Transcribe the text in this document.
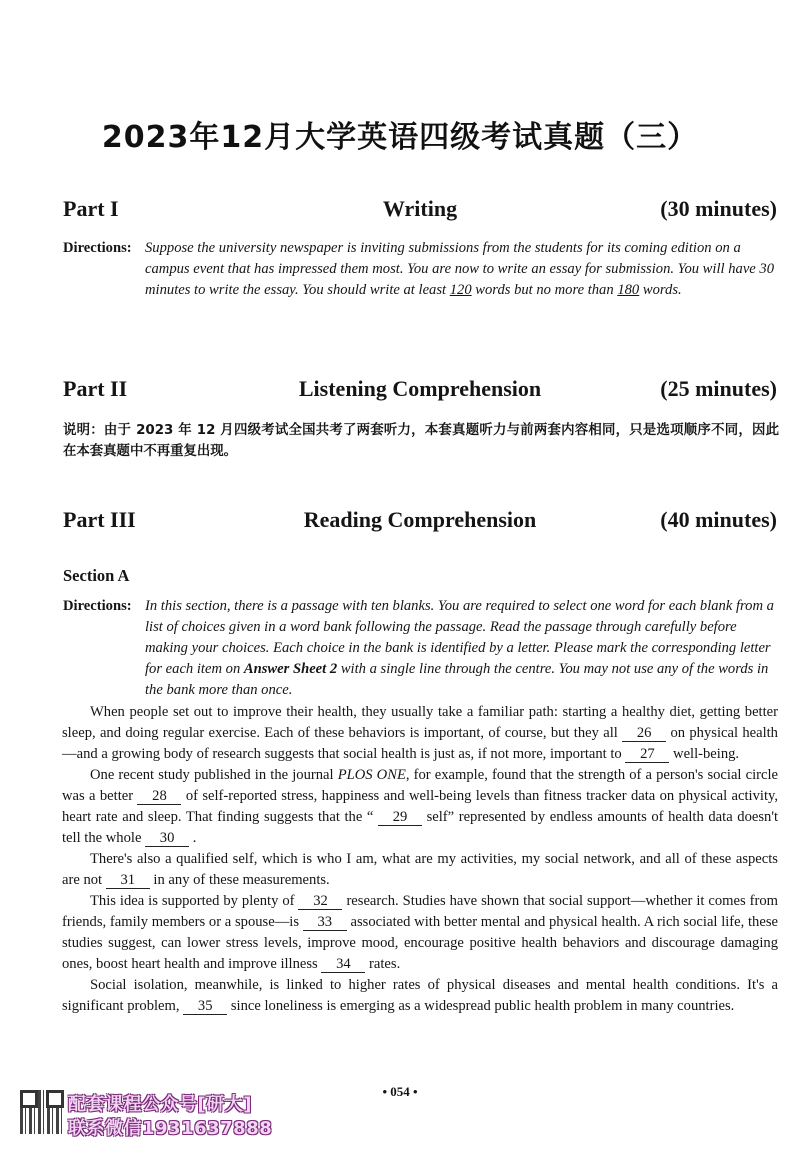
2023年12月大学英语四级考试真题（三）
Part I	Writing	(30 minutes)
Directions: Suppose the university newspaper is inviting submissions from the students for its coming edition on a campus event that has impressed them most. You are now to write an essay for submission. You will have 30 minutes to write the essay. You should write at least 120 words but no more than 180 words.
Part II	Listening Comprehension	(25 minutes)
说明：由于 2023 年 12 月四级考试全国共考了两套听力，本套真题听力与前两套内容相同，只是选项顺序不同，因此在本套真题中不再重复出现。
Part III	Reading Comprehension	(40 minutes)
Section A
Directions: In this section, there is a passage with ten blanks. You are required to select one word for each blank from a list of choices given in a word bank following the passage. Read the passage through carefully before making your choices. Each choice in the bank is identified by a letter. Please mark the corresponding letter for each item on Answer Sheet 2 with a single line through the centre. You may not use any of the words in the bank more than once.

When people set out to improve their health, they usually take a familiar path: starting a healthy diet, getting better sleep, and doing regular exercise. Each of these behaviors is important, of course, but they all 26 on physical health—and a growing body of research suggests that social health is just as, if not more, important to 27 well-being.

One recent study published in the journal PLOS ONE, for example, found that the strength of a person's social circle was a better 28 of self-reported stress, happiness and well-being levels than fitness tracker data on physical activity, heart rate and sleep. That finding suggests that the “ 29 self” represented by endless amounts of health data doesn't tell the whole 30 .

There's also a qualified self, which is who I am, what are my activities, my social network, and all of these aspects are not 31 in any of these measurements.

This idea is supported by plenty of 32 research. Studies have shown that social support—whether it comes from friends, family members or a spouse—is 33 associated with better mental and physical health. A rich social life, these studies suggest, can lower stress levels, improve mood, encourage positive health behaviors and discourage damaging ones, boost heart health and improve illness 34 rates.

Social isolation, meanwhile, is linked to higher rates of physical diseases and mental health conditions. It's a significant problem, 35 since loneliness is emerging as a widespread public health problem in many countries.

• 054 •
配套课程公众号[研大]
联系微信1931637888
